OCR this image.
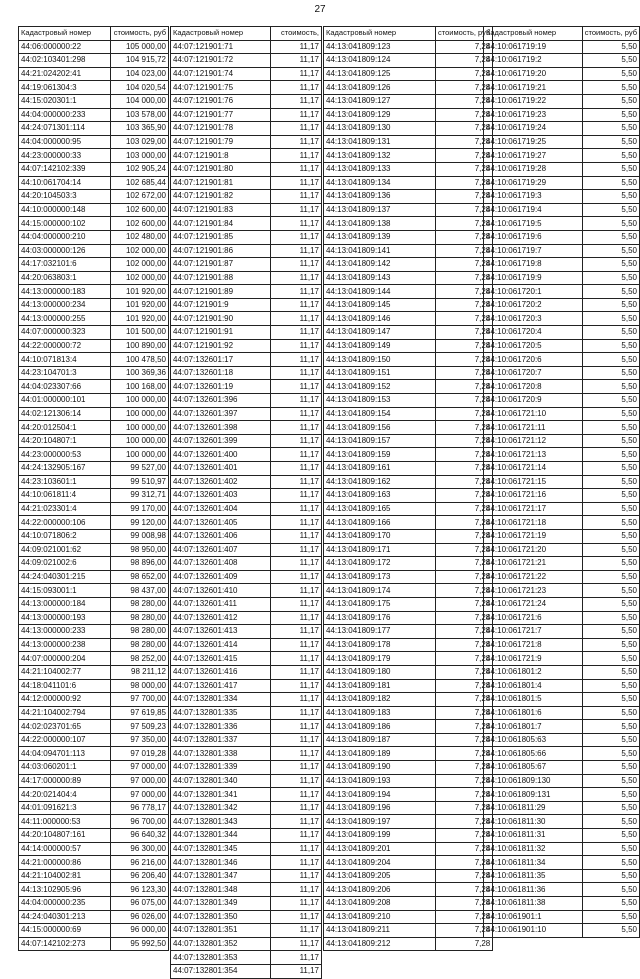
27
Кадастровый номер	стоимость, руб
44:06:000000:22	105 000,00
44:02:103401:298	104 915,72
44:21:024202:41	104 023,00
44:19:061304:3	104 020,54
44:15:020301:1	104 000,00
44:04:000000:233	103 578,00
44:24:071301:114	103 365,90
44:04:000000:95	103 029,00
44:23:000000:33	103 000,00
44:07:142102:339	102 905,24
44:10:061704:14	102 685,44
44:20:104503:3	102 672,00
44:10:000000:148	102 600,00
44:15:000000:102	102 600,00
44:04:000000:210	102 480,00
44:03:000000:126	102 000,00
44:17:032101:6	102 000,00
44:20:063803:1	102 000,00
44:13:000000:183	101 920,00
44:13:000000:234	101 920,00
44:13:000000:255	101 920,00
44:07:000000:323	101 500,00
44:22:000000:72	100 890,00
44:10:071813:4	100 478,50
44:23:104701:3	100 369,36
44:04:023307:66	100 168,00
44:01:000000:101	100 000,00
44:02:121306:14	100 000,00
44:20:012504:1	100 000,00
44:20:104807:1	100 000,00
44:23:000000:53	100 000,00
44:24:132905:167	99 527,00
44:23:103601:1	99 510,97
44:10:061811:4	99 312,71
44:21:023301:4	99 170,00
44:22:000000:106	99 120,00
44:10:071806:2	99 008,98
44:09:021001:62	98 950,00
44:09:021002:6	98 896,00
44:24:040301:215	98 652,00
44:15:093001:1	98 437,00
44:13:000000:184	98 280,00
44:13:000000:193	98 280,00
44:13:000000:233	98 280,00
44:13:000000:238	98 280,00
44:07:000000:204	98 252,00
44:21:104002:77	98 211,12
44:18:041101:6	98 000,00
44:12:000000:92	97 700,00
44:21:104002:794	97 619,85
44:02:023701:65	97 509,23
44:22:000000:107	97 350,00
44:04:094701:113	97 019,28
44:03:060201:1	97 000,00
44:17:000000:89	97 000,00
44:20:021404:4	97 000,00
44:01:091621:3	96 778,17
44:11:000000:53	96 700,00
44:20:104807:161	96 640,32
44:14:000000:57	96 300,00
44:21:000000:86	96 216,00
44:21:104002:81	96 206,40
44:13:102905:96	96 123,30
44:04:000000:235	96 075,00
44:24:040301:213	96 026,00
44:15:000000:69	96 000,00
44:07:142102:273	95 992,50
Кадастровый номер	стоимость,
44:07:121901:71	11,17
44:07:121901:72	11,17
44:07:121901:74	11,17
44:07:121901:75	11,17
44:07:121901:76	11,17
44:07:121901:77	11,17
44:07:121901:78	11,17
44:07:121901:79	11,17
44:07:121901:8	11,17
44:07:121901:80	11,17
44:07:121901:81	11,17
44:07:121901:82	11,17
44:07:121901:83	11,17
44:07:121901:84	11,17
44:07:121901:85	11,17
44:07:121901:86	11,17
44:07:121901:87	11,17
44:07:121901:88	11,17
44:07:121901:89	11,17
44:07:121901:9	11,17
44:07:121901:90	11,17
44:07:121901:91	11,17
44:07:121901:92	11,17
44:07:132601:17	11,17
44:07:132601:18	11,17
44:07:132601:19	11,17
44:07:132601:396	11,17
44:07:132601:397	11,17
44:07:132601:398	11,17
44:07:132601:399	11,17
44:07:132601:400	11,17
44:07:132601:401	11,17
44:07:132601:402	11,17
44:07:132601:403	11,17
44:07:132601:404	11,17
44:07:132601:405	11,17
44:07:132601:406	11,17
44:07:132601:407	11,17
44:07:132601:408	11,17
44:07:132601:409	11,17
44:07:132601:410	11,17
44:07:132601:411	11,17
44:07:132601:412	11,17
44:07:132601:413	11,17
44:07:132601:414	11,17
44:07:132601:415	11,17
44:07:132601:416	11,17
44:07:132601:417	11,17
44:07:132801:334	11,17
44:07:132801:335	11,17
44:07:132801:336	11,17
44:07:132801:337	11,17
44:07:132801:338	11,17
44:07:132801:339	11,17
44:07:132801:340	11,17
44:07:132801:341	11,17
44:07:132801:342	11,17
44:07:132801:343	11,17
44:07:132801:344	11,17
44:07:132801:345	11,17
44:07:132801:346	11,17
44:07:132801:347	11,17
44:07:132801:348	11,17
44:07:132801:349	11,17
44:07:132801:350	11,17
44:07:132801:351	11,17
44:07:132801:352	11,17
44:07:132801:353	11,17
44:07:132801:354	11,17
Кадастровый номер	стоимость, руб
44:13:041809:123	7,28
44:13:041809:124	7,28
44:13:041809:125	7,28
44:13:041809:126	7,28
44:13:041809:127	7,28
44:13:041809:129	7,28
44:13:041809:130	7,28
44:13:041809:131	7,28
44:13:041809:132	7,28
44:13:041809:133	7,28
44:13:041809:134	7,28
44:13:041809:136	7,28
44:13:041809:137	7,28
44:13:041809:138	7,28
44:13:041809:139	7,28
44:13:041809:141	7,28
44:13:041809:142	7,28
44:13:041809:143	7,28
44:13:041809:144	7,28
44:13:041809:145	7,28
44:13:041809:146	7,28
44:13:041809:147	7,28
44:13:041809:149	7,28
44:13:041809:150	7,28
44:13:041809:151	7,28
44:13:041809:152	7,28
44:13:041809:153	7,28
44:13:041809:154	7,28
44:13:041809:156	7,28
44:13:041809:157	7,28
44:13:041809:159	7,28
44:13:041809:161	7,28
44:13:041809:162	7,28
44:13:041809:163	7,28
44:13:041809:165	7,28
44:13:041809:166	7,28
44:13:041809:170	7,28
44:13:041809:171	7,28
44:13:041809:172	7,28
44:13:041809:173	7,28
44:13:041809:174	7,28
44:13:041809:175	7,28
44:13:041809:176	7,28
44:13:041809:177	7,28
44:13:041809:178	7,28
44:13:041809:179	7,28
44:13:041809:180	7,28
44:13:041809:181	7,28
44:13:041809:182	7,28
44:13:041809:183	7,28
44:13:041809:186	7,28
44:13:041809:187	7,28
44:13:041809:189	7,28
44:13:041809:190	7,28
44:13:041809:193	7,28
44:13:041809:194	7,28
44:13:041809:196	7,28
44:13:041809:197	7,28
44:13:041809:199	7,28
44:13:041809:201	7,28
44:13:041809:204	7,28
44:13:041809:205	7,28
44:13:041809:206	7,28
44:13:041809:208	7,28
44:13:041809:210	7,28
44:13:041809:211	7,28
44:13:041809:212	7,28
Кадастровый номер	стоимость, руб
44:10:061719:19	5,50
44:10:061719:2	5,50
44:10:061719:20	5,50
44:10:061719:21	5,50
44:10:061719:22	5,50
44:10:061719:23	5,50
44:10:061719:24	5,50
44:10:061719:25	5,50
44:10:061719:27	5,50
44:10:061719:28	5,50
44:10:061719:29	5,50
44:10:061719:3	5,50
44:10:061719:4	5,50
44:10:061719:5	5,50
44:10:061719:6	5,50
44:10:061719:7	5,50
44:10:061719:8	5,50
44:10:061719:9	5,50
44:10:061720:1	5,50
44:10:061720:2	5,50
44:10:061720:3	5,50
44:10:061720:4	5,50
44:10:061720:5	5,50
44:10:061720:6	5,50
44:10:061720:7	5,50
44:10:061720:8	5,50
44:10:061720:9	5,50
44:10:061721:10	5,50
44:10:061721:11	5,50
44:10:061721:12	5,50
44:10:061721:13	5,50
44:10:061721:14	5,50
44:10:061721:15	5,50
44:10:061721:16	5,50
44:10:061721:17	5,50
44:10:061721:18	5,50
44:10:061721:19	5,50
44:10:061721:20	5,50
44:10:061721:21	5,50
44:10:061721:22	5,50
44:10:061721:23	5,50
44:10:061721:24	5,50
44:10:061721:6	5,50
44:10:061721:7	5,50
44:10:061721:8	5,50
44:10:061721:9	5,50
44:10:061801:2	5,50
44:10:061801:4	5,50
44:10:061801:5	5,50
44:10:061801:6	5,50
44:10:061801:7	5,50
44:10:061805:63	5,50
44:10:061805:66	5,50
44:10:061805:67	5,50
44:10:061809:130	5,50
44:10:061809:131	5,50
44:10:061811:29	5,50
44:10:061811:30	5,50
44:10:061811:31	5,50
44:10:061811:32	5,50
44:10:061811:34	5,50
44:10:061811:35	5,50
44:10:061811:36	5,50
44:10:061811:38	5,50
44:10:061901:1	5,50
44:10:061901:10	5,50
